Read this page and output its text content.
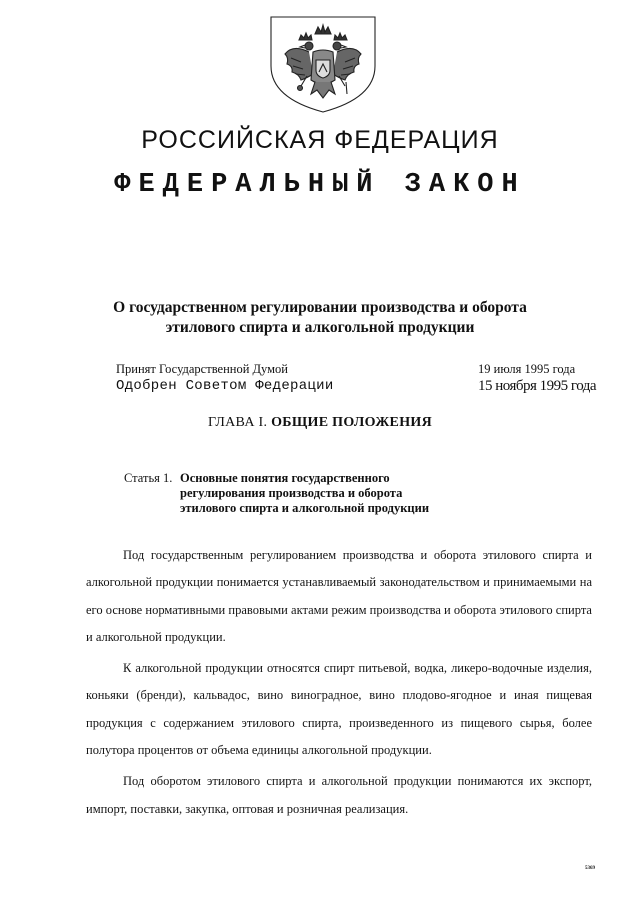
РОССИЙСКАЯ ФЕДЕРАЦИЯ
ФЕДЕРАЛЬНЫЙ ЗАКОН
О государственном регулировании производства и оборота
этилового спирта и алкогольной продукции
Принят Государственной Думой	19 июля 1995 года
Одобрен Советом Федерации	15 ноября 1995 года
ГЛАВА I. ОБЩИЕ ПОЛОЖЕНИЯ
Статья 1. Основные понятия государственного регулирования производства и оборота этилового спирта и алкогольной продукции

Под государственным регулированием производства и оборота этилового спирта и алкогольной продукции понимается устанавливаемый законодательством и принимаемыми на его основе нормативными правовыми актами режим производства и оборота этилового спирта и алкогольной продукции.

К алкогольной продукции относятся спирт питьевой, водка, ликеро-водочные изделия, коньяки (бренди), кальвадос, вино виноградное, вино плодово-ягодное и иная пищевая продукция с содержанием этилового спирта, произведенного из пищевого сырья, более полутора процентов от объема единицы алкогольной продукции.

Под оборотом этилового спирта и алкогольной продукции понимаются их экспорт, импорт, поставки, закупка, оптовая и розничная реализация.

5369
